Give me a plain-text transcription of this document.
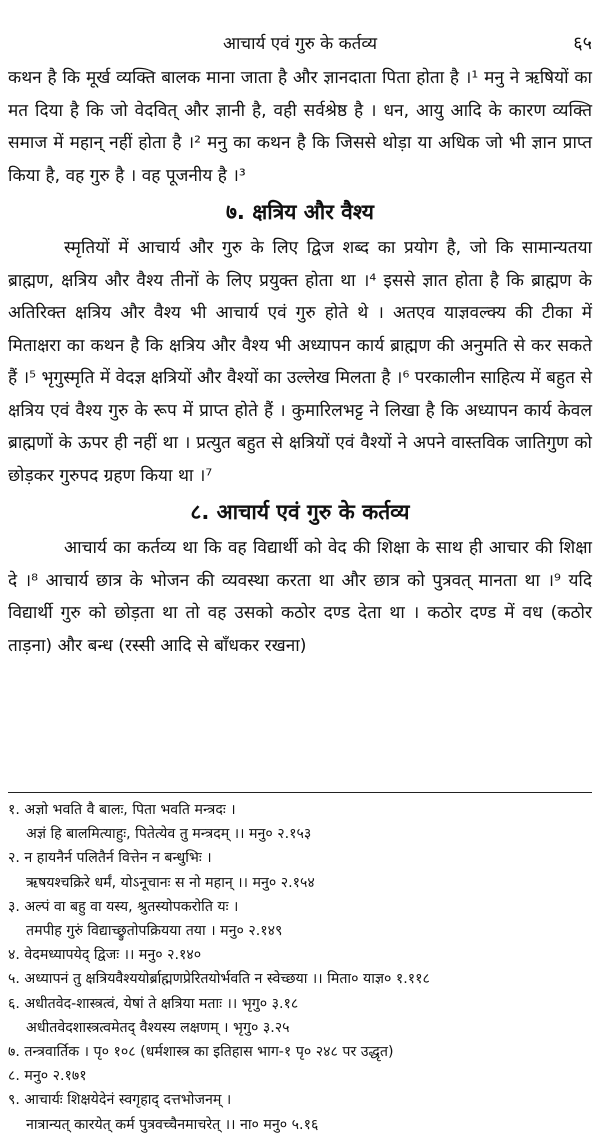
आचार्य एवं गुरु के कर्तव्य	६५

कथन है कि मूर्ख व्यक्ति बालक माना जाता है और ज्ञानदाता पिता होता है ।¹ मनु ने ऋषियों का मत दिया है कि जो वेदवित् और ज्ञानी है, वही सर्वश्रेष्ठ है । धन, आयु आदि के कारण व्यक्ति समाज में महान् नहीं होता है ।² मनु का कथन है कि जिससे थोड़ा या अधिक जो भी ज्ञान प्राप्त किया है, वह गुरु है । वह पूजनीय है ।³

७. क्षत्रिय और वैश्य

स्मृतियों में आचार्य और गुरु के लिए द्विज शब्द का प्रयोग है, जो कि सामान्यतया ब्राह्मण, क्षत्रिय और वैश्य तीनों के लिए प्रयुक्त होता था ।⁴ इससे ज्ञात होता है कि ब्राह्मण के अतिरिक्त क्षत्रिय और वैश्य भी आचार्य एवं गुरु होते थे । अतएव याज्ञवल्क्य की टीका में मिताक्षरा का कथन है कि क्षत्रिय और वैश्य भी अध्यापन कार्य ब्राह्मण की अनुमति से कर सकते हैं ।⁵ भृगुस्मृति में वेदज्ञ क्षत्रियों और वैश्यों का उल्लेख मिलता है ।⁶ परकालीन साहित्य में बहुत से क्षत्रिय एवं वैश्य गुरु के रूप में प्राप्त होते हैं । कुमारिलभट्ट ने लिखा है कि अध्यापन कार्य केवल ब्राह्मणों के ऊपर ही नहीं था । प्रत्युत बहुत से क्षत्रियों एवं वैश्यों ने अपने वास्तविक जातिगुण को छोड़कर गुरुपद ग्रहण किया था ।⁷

८. आचार्य एवं गुरु के कर्तव्य

आचार्य का कर्तव्य था कि वह विद्यार्थी को वेद की शिक्षा के साथ ही आचार की शिक्षा दे ।⁸ आचार्य छात्र के भोजन की व्यवस्था करता था और छात्र को पुत्रवत् मानता था ।⁹ यदि विद्यार्थी गुरु को छोड़ता था तो वह उसको कठोर दण्ड देता था । कठोर दण्ड में वध (कठोर ताड़ना) और बन्ध (रस्सी आदि से बाँधकर रखना)

१. अज्ञो भवति वै बालः, पिता भवति मन्त्रदः ।
अज्ञं हि बालमित्याहुः, पितेत्येव तु मन्त्रदम् ।। मनु० २.१५३
२. न हायनैर्न पलितैर्न वित्तेन न बन्धुभिः ।
ऋषयश्चक्रिरे धर्मं, योऽनूचानः स नो महान् ।। मनु० २.१५४
३. अल्पं वा बहु वा यस्य, श्रुतस्योपकरोति यः ।
तमपीह गुरुं विद्याच्छ्रुतोपक्रियया तया । मनु० २.१४९
४. वेदमध्यापयेद् द्विजः ।। मनु० २.१४०
५. अध्यापनं तु क्षत्रियवैश्ययोर्ब्राह्मणप्रेरितयोर्भवति न स्वेच्छया ।। मिता० याज्ञ० १.११८
६. अधीतवेद-शास्त्रत्वं, येषां ते क्षत्रिया मताः ।। भृगु० ३.१८
अधीतवेदशास्त्रत्वमेतद् वैश्यस्य लक्षणम् । भृगु० ३.२५
७. तन्त्रवार्तिक । पृ० १०८ (धर्मशास्त्र का इतिहास भाग-१ पृ० २४८ पर उद्धृत)
८. मनु० २.१७१
९. आचार्यः शिक्षयेदेनं स्वगृहाद् दत्तभोजनम् ।
नात्रान्यत् कारयेत् कर्म पुत्रवच्चैनमाचरेत् ।। ना० मनु० ५.१६
